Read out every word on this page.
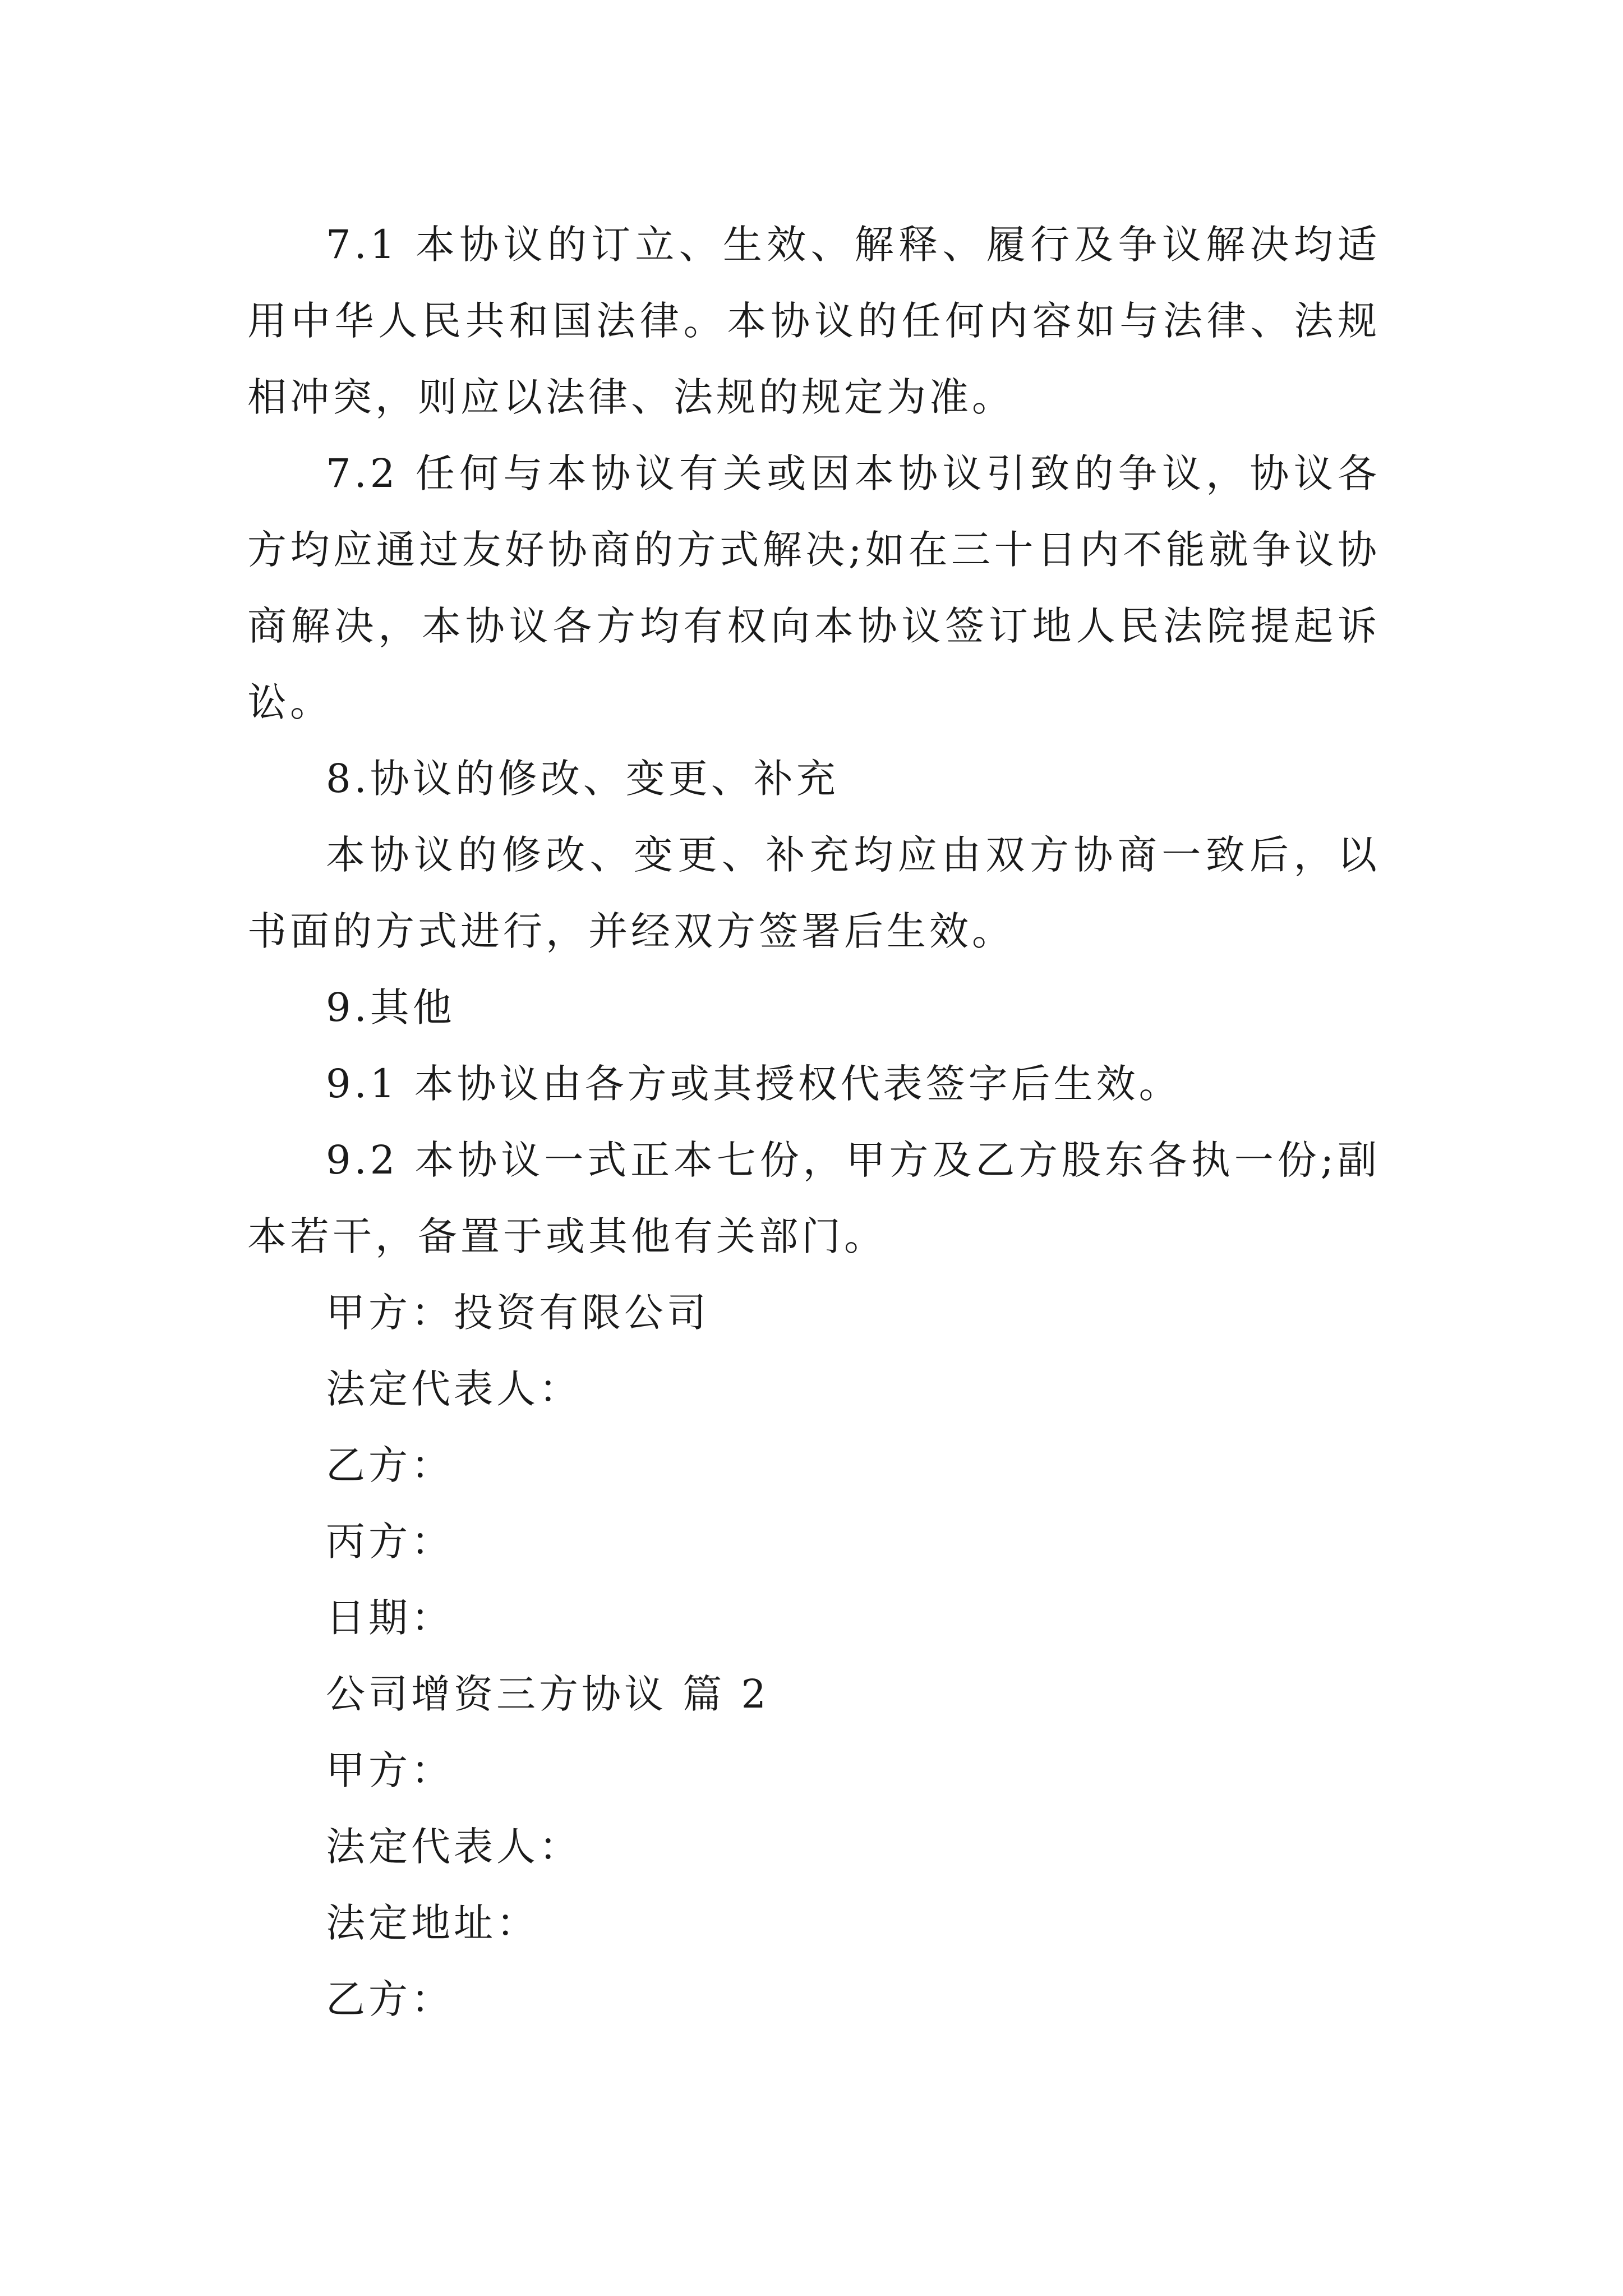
7.1 本协议的订立、生效、解释、履行及争议解决均适用中华人民共和国法律。本协议的任何内容如与法律、法规相冲突，则应以法律、法规的规定为准。

7.2 任何与本协议有关或因本协议引致的争议，协议各方均应通过友好协商的方式解决;如在三十日内不能就争议协商解决，本协议各方均有权向本协议签订地人民法院提起诉讼。

8.协议的修改、变更、补充

本协议的修改、变更、补充均应由双方协商一致后，以书面的方式进行，并经双方签署后生效。

9.其他

9.1 本协议由各方或其授权代表签字后生效。

9.2 本协议一式正本七份，甲方及乙方股东各执一份;副本若干，备置于或其他有关部门。

甲方：投资有限公司

法定代表人：

乙方：

丙方：

日期：

公司增资三方协议 篇 2

甲方：

法定代表人：

法定地址：

乙方：
